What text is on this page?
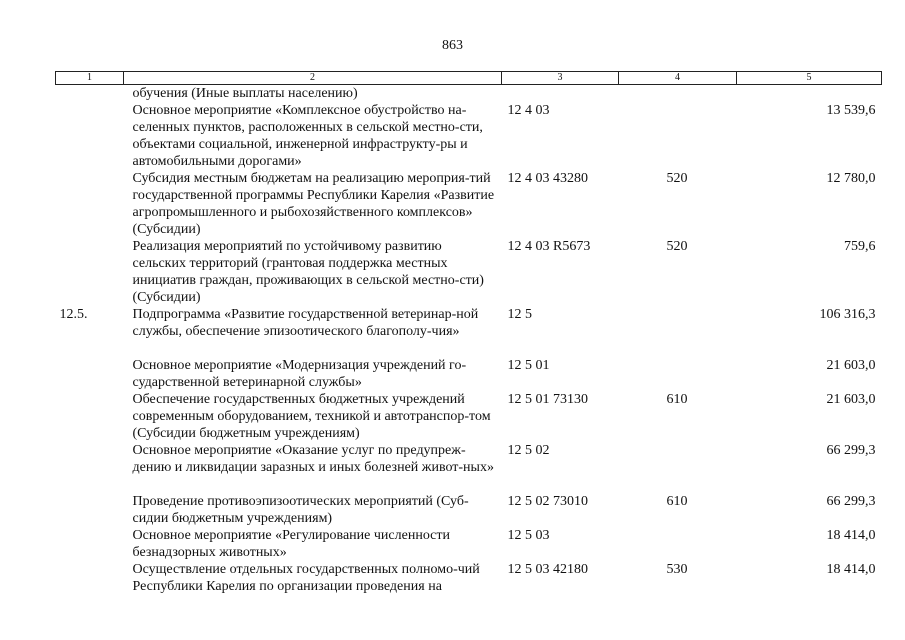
863
1	2	3	4	5
	обучения (Иные выплаты населению)			
	Основное мероприятие «Комплексное обустройство на-селенных пунктов, расположенных в сельской местно-сти, объектами социальной, инженерной инфраструкту-ры и автомобильными дорогами»	12 4 03		13 539,6
	Субсидия местным бюджетам на реализацию мероприя-тий государственной программы Республики Карелия «Развитие агропромышленного и рыбохозяйственного комплексов» (Субсидии)	12 4 03 43280	520	12 780,0
	Реализация мероприятий по устойчивому развитию сельских территорий (грантовая поддержка местных инициатив граждан, проживающих в сельской местно-сти) (Субсидии)	12 4 03 R5673	520	759,6
12.5.	Подпрограмма «Развитие государственной ветеринар-ной службы, обеспечение эпизоотического благополу-чия»	12 5		106 316,3
	Основное мероприятие «Модернизация учреждений го-сударственной ветеринарной службы»	12 5 01		21 603,0
	Обеспечение государственных бюджетных учреждений современным оборудованием, техникой и автотранспор-том (Субсидии бюджетным учреждениям)	12 5 01 73130	610	21 603,0
	Основное мероприятие «Оказание услуг по предупреж-дению и ликвидации заразных и иных болезней живот-ных»	12 5 02		66 299,3
	Проведение противоэпизоотических мероприятий (Суб-сидии бюджетным учреждениям)	12 5 02 73010	610	66 299,3
	Основное мероприятие «Регулирование численности безнадзорных животных»	12 5 03		18 414,0
	Осуществление отдельных государственных полномо-чий Республики Карелия по организации проведения на	12 5 03 42180	530	18 414,0
